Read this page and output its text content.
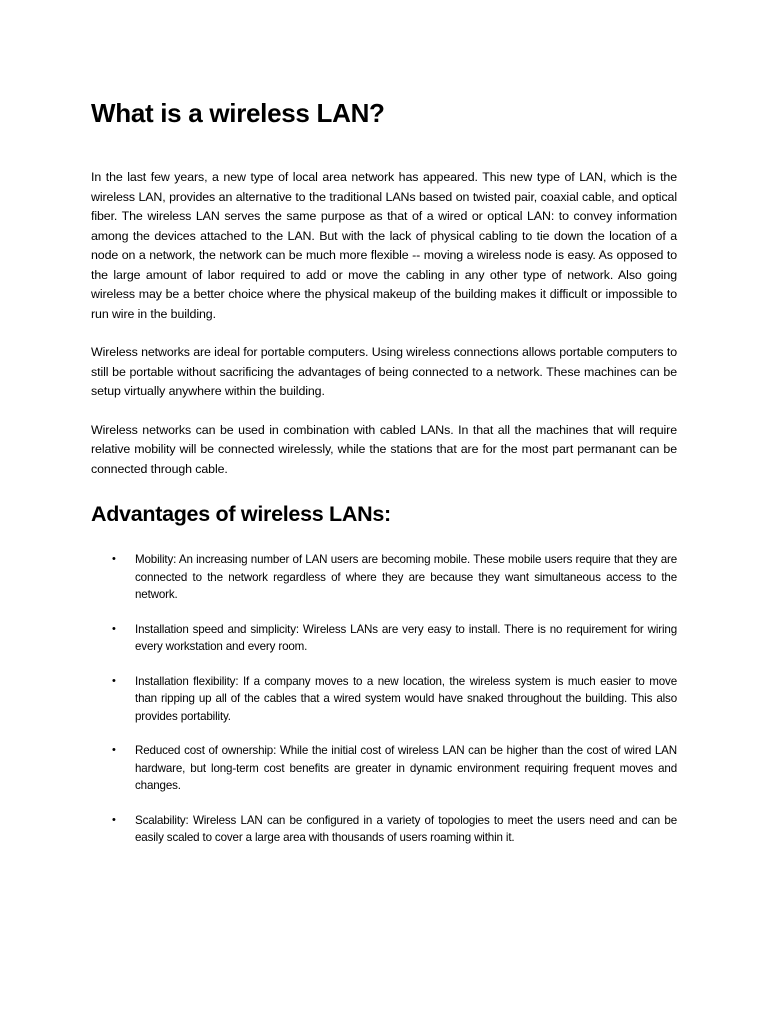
What is a wireless LAN?

In the last few years, a new type of local area network has appeared. This new type of LAN, which is the wireless LAN, provides an alternative to the traditional LANs based on twisted pair, coaxial cable, and optical fiber. The wireless LAN serves the same purpose as that of a wired or optical LAN: to convey information among the devices attached to the LAN. But with the lack of physical cabling to tie down the location of a node on a network, the network can be much more flexible -- moving a wireless node is easy. As opposed to the large amount of labor required to add or move the cabling in any other type of network. Also going wireless may be a better choice where the physical makeup of the building makes it difficult or impossible to run wire in the building.

Wireless networks are ideal for portable computers. Using wireless connections allows portable computers to still be portable without sacrificing the advantages of being connected to a network. These machines can be setup virtually anywhere within the building.

Wireless networks can be used in combination with cabled LANs. In that all the machines that will require relative mobility will be connected wirelessly, while the stations that are for the most part permanant can be connected through cable.

Advantages of wireless LANs:
• Mobility: An increasing number of LAN users are becoming mobile. These mobile users require that they are connected to the network regardless of where they are because they want simultaneous access to the network.
• Installation speed and simplicity: Wireless LANs are very easy to install. There is no requirement for wiring every workstation and every room.
• Installation flexibility: If a company moves to a new location, the wireless system is much easier to move than ripping up all of the cables that a wired system would have snaked throughout the building. This also provides portability.
• Reduced cost of ownership: While the initial cost of wireless LAN can be higher than the cost of wired LAN hardware, but long-term cost benefits are greater in dynamic environment requiring frequent moves and changes.
• Scalability: Wireless LAN can be configured in a variety of topologies to meet the users need and can be easily scaled to cover a large area with thousands of users roaming within it.
